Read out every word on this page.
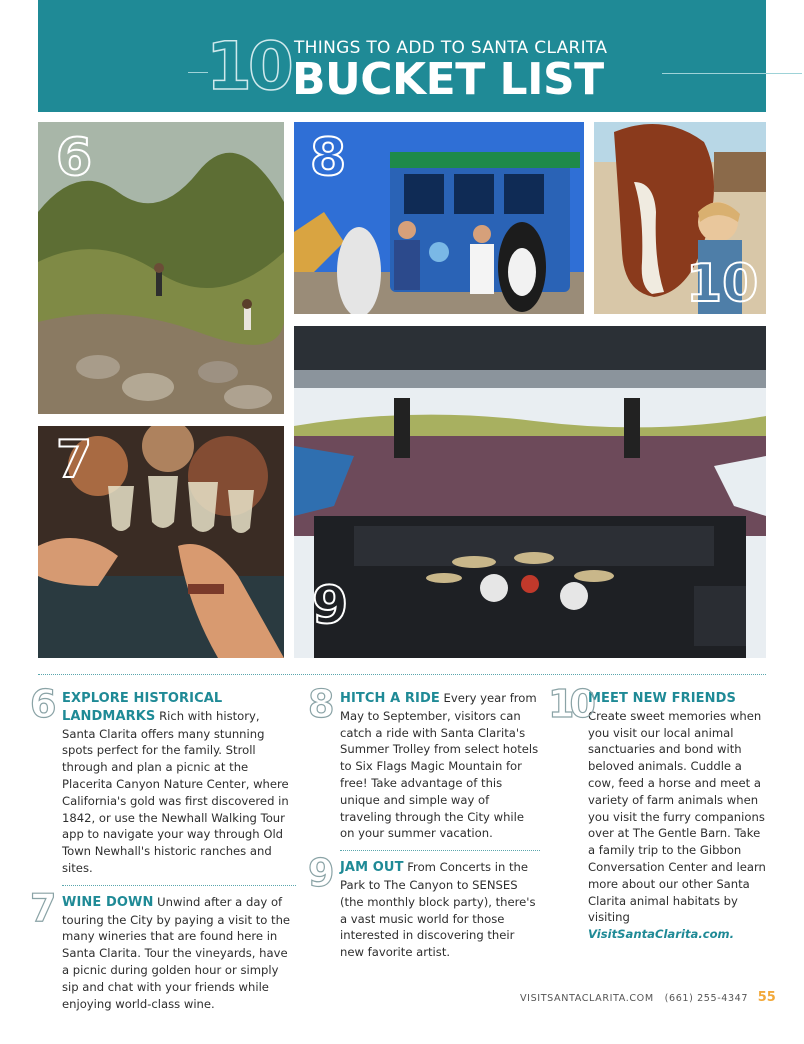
10 THINGS TO ADD TO SANTA CLARITA
BUCKET LIST
6	8
10
7
9
6 EXPLORE HISTORICAL LANDMARKS Rich with history, Santa Clarita offers many stunning spots perfect for the family. Stroll through and plan a picnic at the Placerita Canyon Nature Center, where California's gold was first discovered in 1842, or use the Newhall Walking Tour app to navigate your way through Old Town Newhall's historic ranches and sites.
7 WINE DOWN Unwind after a day of touring the City by paying a visit to the many wineries that are found here in Santa Clarita. Tour the vineyards, have a picnic during golden hour or simply sip and chat with your friends while enjoying world-class wine.
8 HITCH A RIDE Every year from May to September, visitors can catch a ride with Santa Clarita's Summer Trolley from select hotels to Six Flags Magic Mountain for free! Take advantage of this unique and simple way of traveling through the City while on your summer vacation.
9 JAM OUT From Concerts in the Park to The Canyon to SENSES (the monthly block party), there's a vast music world for those interested in discovering their new favorite artist.
10
MEET NEW FRIENDS Create sweet memories when you visit our local animal sanctuaries and bond with beloved animals. Cuddle a cow, feed a horse and meet a variety of farm animals when you visit the furry companions over at The Gentle Barn. Take a family trip to the Gibbon Conversation Center and learn more about our other Santa Clarita animal habitats by visiting VisitSantaClarita.com.
VISITSANTACLARITA.COM (661) 255-4347 55
